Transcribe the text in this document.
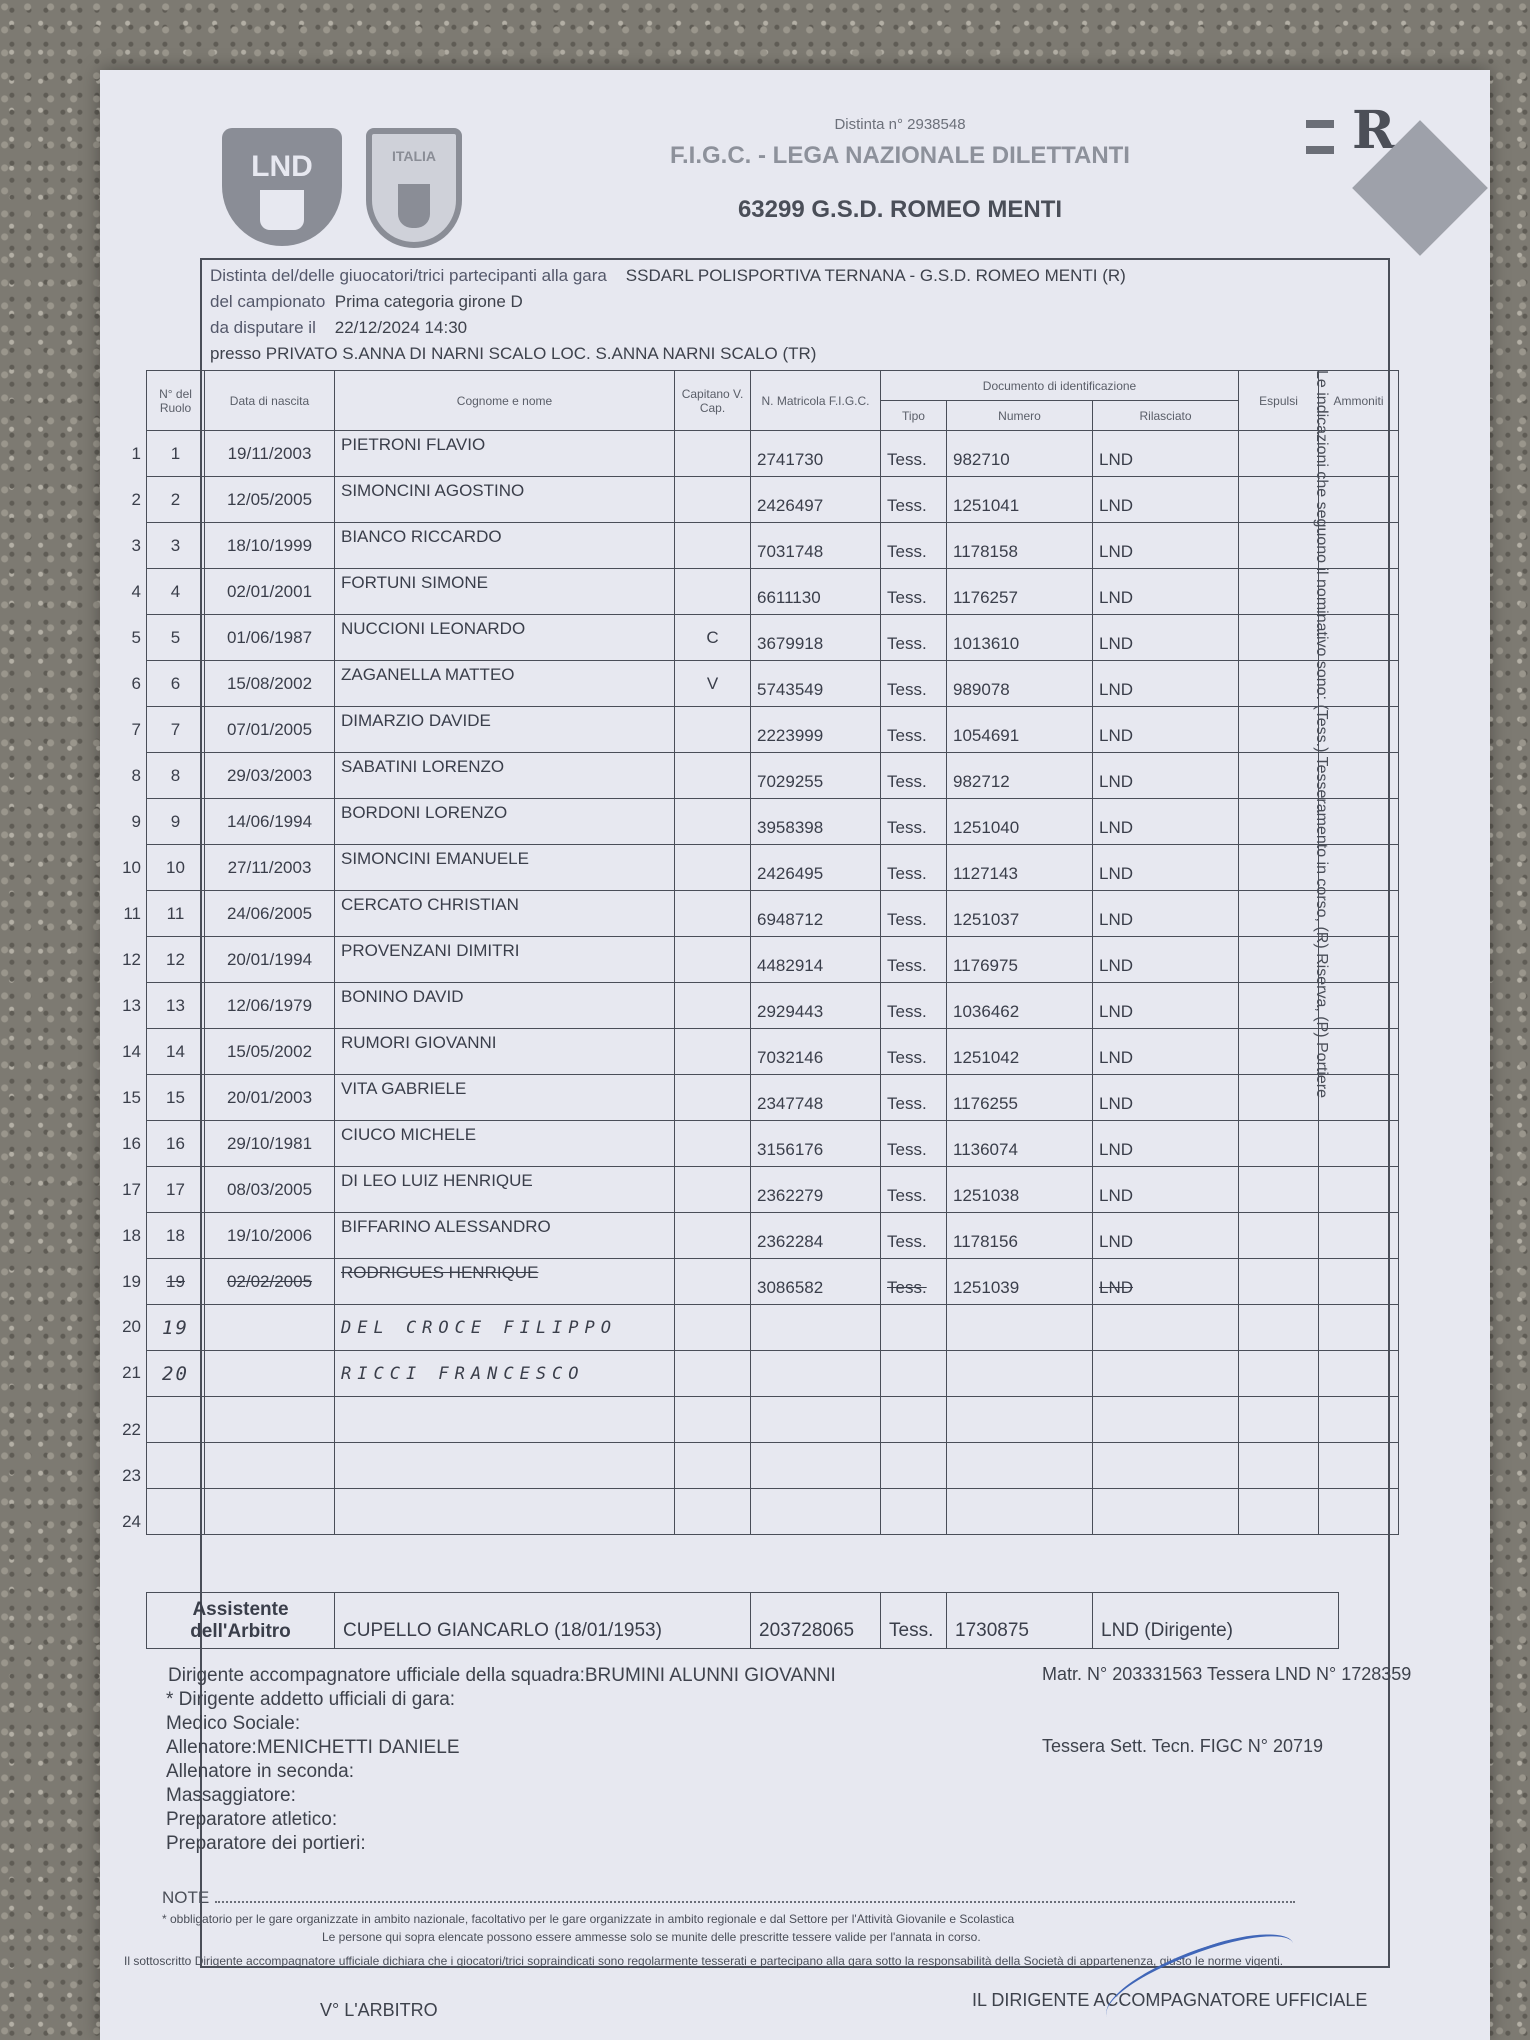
LND	ITALIA	R
Distinta n° 2938548
F.I.G.C. - LEGA NAZIONALE DILETTANTI
63299 G.S.D. ROMEO MENTI
Distinta del/delle giuocatori/trici partecipanti alla gara SSDARL POLISPORTIVA TERNANA - G.S.D. ROMEO MENTI (R)
del campionato Prima categoria girone D
da disputare il 22/12/2024 14:30
presso PRIVATO S.ANNA DI NARNI SCALO LOC. S.ANNA NARNI SCALO (TR)
Le indicazioni che seguono il nominativo sono: (Tess.) Tesseramento in corso, (R) Riserva, (P) Portiere
N° del Ruolo	Data di nascita	Cognome e nome	Capitano V. Cap.	N. Matricola F.I.G.C.	Documento di identificazione			Espulsi	Ammoniti
					Tipo	Numero	Rilasciato		

1 1	19/11/2003	PIETRONI FLAVIO		2741730	Tess.	982710	LND		

2 2	12/05/2005	SIMONCINI AGOSTINO		2426497	Tess.	1251041	LND		

3 3	18/10/1999	BIANCO RICCARDO		7031748	Tess.	1178158	LND		

4 4	02/01/2001	FORTUNI SIMONE		6611130	Tess.	1176257	LND		

5 5	01/06/1987	NUCCIONI LEONARDO	C	3679918	Tess.	1013610	LND		

6 6	15/08/2002	ZAGANELLA MATTEO	V	5743549	Tess.	989078	LND		

7 7	07/01/2005	DIMARZIO DAVIDE		2223999	Tess.	1054691	LND		

8 8	29/03/2003	SABATINI LORENZO		7029255	Tess.	982712	LND		

9 9	14/06/1994	BORDONI LORENZO		3958398	Tess.	1251040	LND		

10 10	27/11/2003	SIMONCINI EMANUELE		2426495	Tess.	1127143	LND		

11 11	24/06/2005	CERCATO CHRISTIAN		6948712	Tess.	1251037	LND		

12 12	20/01/1994	PROVENZANI DIMITRI		4482914	Tess.	1176975	LND		

13 13	12/06/1979	BONINO DAVID		2929443	Tess.	1036462	LND		

14 14	15/05/2002	RUMORI GIOVANNI		7032146	Tess.	1251042	LND		

15 15	20/01/2003	VITA GABRIELE		2347748	Tess.	1176255	LND		

16 16	29/10/1981	CIUCO MICHELE		3156176	Tess.	1136074	LND		

17 17	08/03/2005	DI LEO LUIZ HENRIQUE		2362279	Tess.	1251038	LND		

18 18	19/10/2006	BIFFARINO ALESSANDRO		2362284	Tess.	1178156	LND		

19 19	02/02/2005	RODRIGUES HENRIQUE		3086582	Tess.	1251039	LND		

20 19		DEL CROCE FILIPPO							

21 20		RICCI FRANCESCO							

22									

23									

24									

Assistente dell'Arbitro	CUPELLO GIANCARLO (18/01/1953)	203728065	Tess.	1730875	LND (Dirigente)
Dirigente accompagnatore ufficiale della squadra:BRUMINI ALUNNI GIOVANNI
* Dirigente addetto ufficiali di gara:
Medico Sociale:
Allenatore:MENICHETTI DANIELE
Allenatore in seconda:
Massaggiatore:
Preparatore atletico:
Preparatore dei portieri:
Matr. N° 203331563 Tessera LND N° 1728359
Tessera Sett. Tecn. FIGC N° 20719
NOTE
* obbligatorio per le gare organizzate in ambito nazionale, facoltativo per le gare organizzate in ambito regionale e dal Settore per l'Attività Giovanile e Scolastica
Le persone qui sopra elencate possono essere ammesse solo se munite delle prescritte tessere valide per l'annata in corso.
Il sottoscritto Dirigente accompagnatore ufficiale dichiara che i giocatori/trici sopraindicati sono regolarmente tesserati e partecipano alla gara sotto la responsabilità della Società di appartenenza, giusto le norme vigenti.
V° L'ARBITRO	IL DIRIGENTE ACCOMPAGNATORE UFFICIALE
